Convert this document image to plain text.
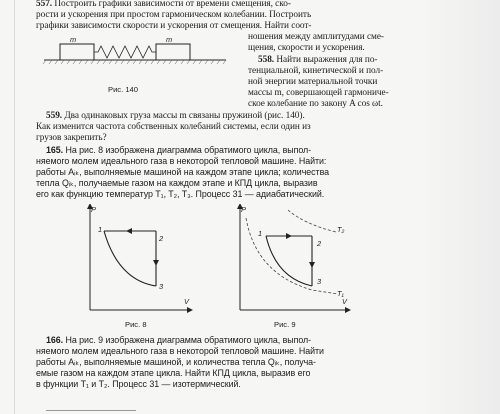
557. Построить графики зависимости от времени смещения, ско-
рости и ускорения при простом гармоническом колебании. Построить
графики зависимости скорости и ускорения от смещения. Найти соот-
ношения между амплитудами сме-
щения, скорости и ускорения.
m	m
Рис. 140
558. Найти выражения для по-
тенциальной, кинетической и пол-
ной энергии материальной точки
массы m, совершающей гармониче-
ское колебание по закону A cos ωt.
559. Два одинаковых груза массы m связаны пружиной (рис. 140).
Как изменится частота собственных колебаний системы, если один из
грузов закрепить?
165. На рис. 8 изображена диаграмма обратимого цикла, выпол-
няемого молем идеального газа в некоторой тепловой машине. Найти:
работы Aᵢₖ, выполняемые машиной на каждом этапе цикла; количества
тепла Qᵢₖ, получаемые газом на каждом этапе и КПД цикла, выразив
его как функцию температур T₁, T₂, T₃. Процесс 31 — адиабатический.
P
V
1
2
3
Рис. 8
P
V
1
2
3
T₂
T₁
Рис. 9
166. На рис. 9 изображена диаграмма обратимого цикла, выпол-
няемого молем идеального газа в некоторой тепловой машине. Найти
работы Aᵢₖ, выполняемые машиной, и количества тепла Qᵢₖ, получа-
емые газом на каждом этапе цикла. Найти КПД цикла, выразив его
в функции T₁ и T₂. Процесс 31 — изотермический.
